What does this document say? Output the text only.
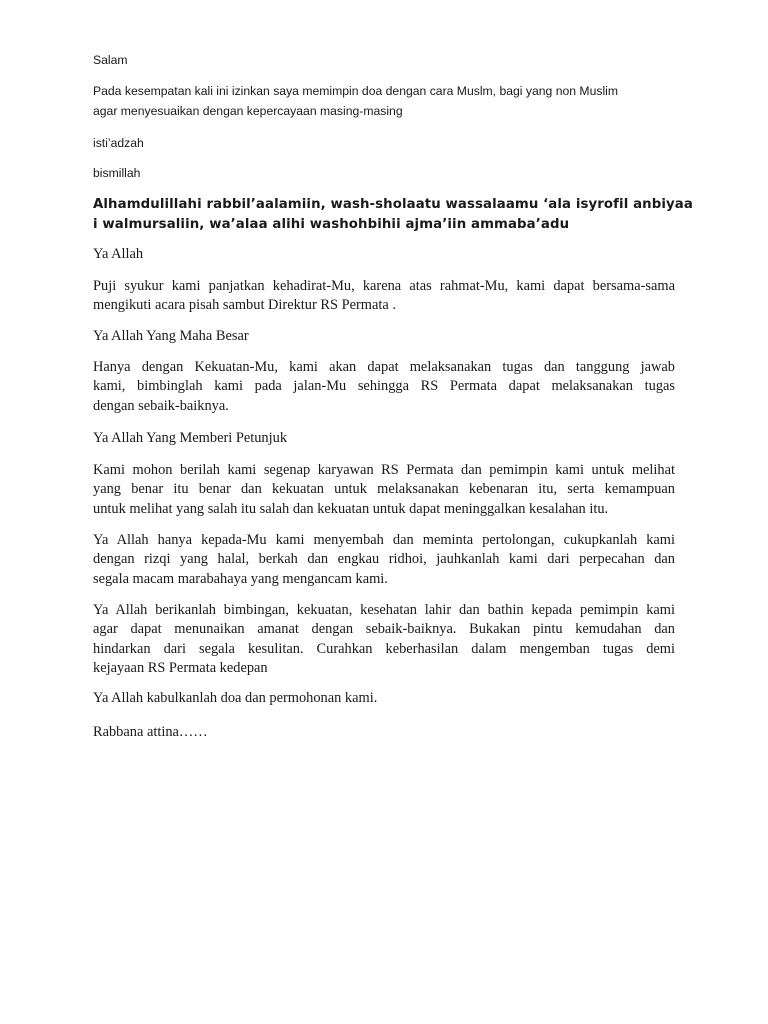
Salam

Pada kesempatan kali ini izinkan saya memimpin doa dengan cara Muslm, bagi yang non Muslim
agar menyesuaikan dengan kepercayaan masing-masing

isti’adzah

bismillah

Alhamdulillahi rabbil’aalamiin, wash-sholaatu wassalaamu ‘ala isyrofil anbiyaa
i walmursaliin, wa’alaa alihi washohbihii ajma’iin ammaba’adu

Ya Allah

Puji syukur kami panjatkan kehadirat-Mu, karena atas rahmat-Mu, kami dapat bersama-sama
mengikuti acara pisah sambut Direktur RS Permata .

Ya Allah Yang Maha Besar

Hanya dengan Kekuatan-Mu, kami akan dapat melaksanakan tugas dan tanggung jawab
kami, bimbinglah kami pada jalan-Mu sehingga RS Permata dapat melaksanakan tugas
dengan sebaik-baiknya.

Ya Allah Yang Memberi Petunjuk

Kami mohon berilah kami segenap karyawan RS Permata dan pemimpin kami untuk melihat
yang benar itu benar dan kekuatan untuk melaksanakan kebenaran itu, serta kemampuan
untuk melihat yang salah itu salah dan kekuatan untuk dapat meninggalkan kesalahan itu.

Ya Allah hanya kepada-Mu kami menyembah dan meminta pertolongan, cukupkanlah kami
dengan rizqi yang halal, berkah dan engkau ridhoi, jauhkanlah kami dari perpecahan dan
segala macam marabahaya yang mengancam kami.

Ya Allah berikanlah bimbingan, kekuatan, kesehatan lahir dan bathin kepada pemimpin kami
agar dapat menunaikan amanat dengan sebaik-baiknya. Bukakan pintu kemudahan dan
hindarkan dari segala kesulitan. Curahkan keberhasilan dalam mengemban tugas demi
kejayaan RS Permata kedepan

Ya Allah kabulkanlah doa dan permohonan kami.

Rabbana attina……
